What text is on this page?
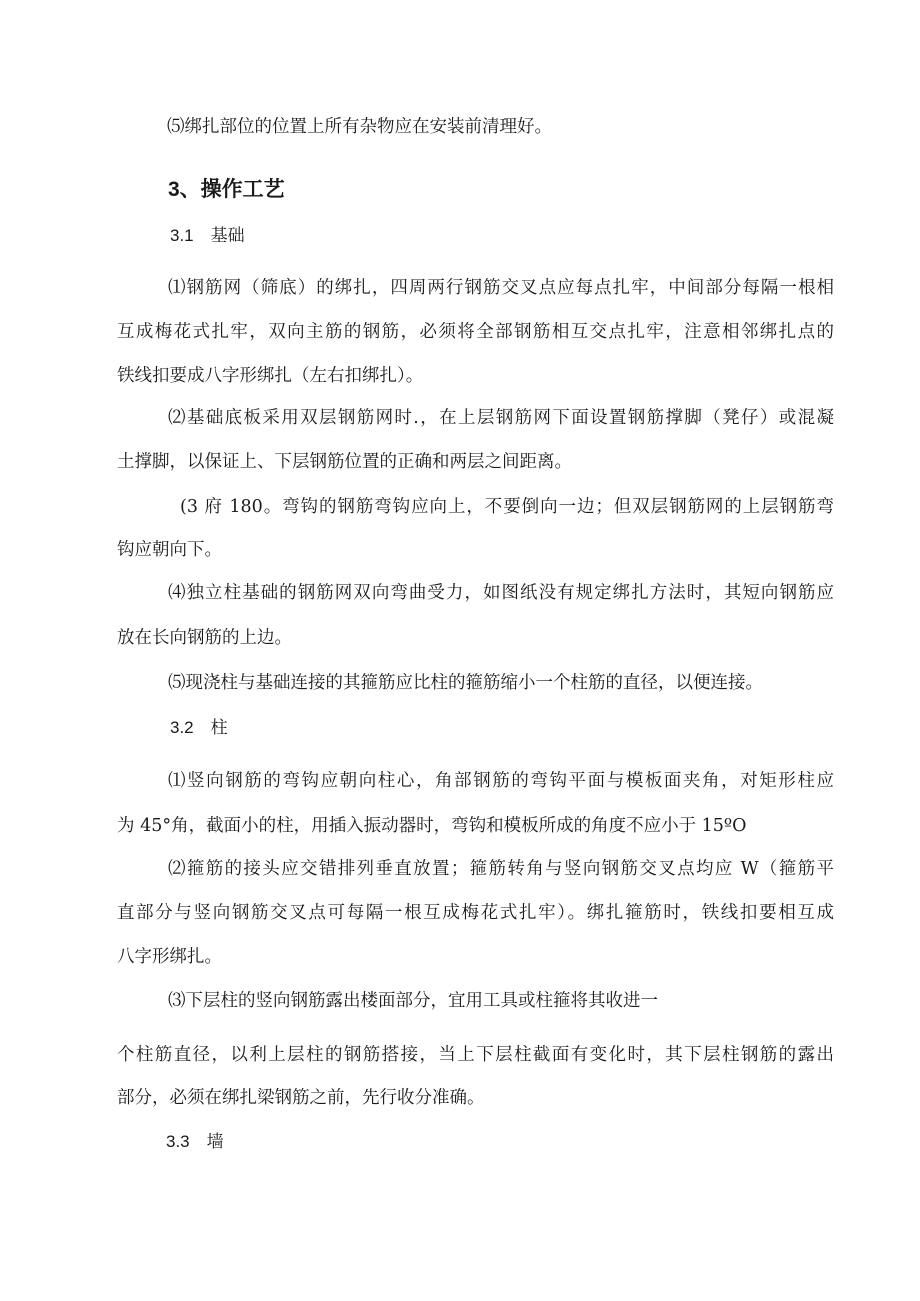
⑸绑扎部位的位置上所有杂物应在安装前清理好。
3、操作工艺
3.1　基础
⑴钢筋网（筛底）的绑扎，四周两行钢筋交叉点应每点扎牢，中间部分每隔一根相
互成梅花式扎牢，双向主筋的钢筋，必须将全部钢筋相互交点扎牢，注意相邻绑扎点的
铁线扣要成八字形绑扎（左右扣绑扎）。
⑵基础底板采用双层钢筋网时.，在上层钢筋网下面设置钢筋撑脚（凳仔）或混凝
土撑脚，以保证上、下层钢筋位置的正确和两层之间距离。
(3 府 180。弯钩的钢筋弯钩应向上，不要倒向一边；但双层钢筋网的上层钢筋弯
钩应朝向下。
⑷独立柱基础的钢筋网双向弯曲受力，如图纸没有规定绑扎方法时，其短向钢筋应
放在长向钢筋的上边。
⑸现浇柱与基础连接的其箍筋应比柱的箍筋缩小一个柱筋的直径，以便连接。
3.2　柱
⑴竖向钢筋的弯钩应朝向柱心，角部钢筋的弯钩平面与模板面夹角，对矩形柱应
为 45°角，截面小的柱，用插入振动器时，弯钩和模板所成的角度不应小于 15ºO
⑵箍筋的接头应交错排列垂直放置；箍筋转角与竖向钢筋交叉点均应 W（箍筋平
直部分与竖向钢筋交叉点可每隔一根互成梅花式扎牢）。绑扎箍筋时，铁线扣要相互成
八字形绑扎。
⑶下层柱的竖向钢筋露出楼面部分，宜用工具或柱箍将其收进一
个柱筋直径，以利上层柱的钢筋搭接，当上下层柱截面有变化时，其下层柱钢筋的露出
部分，必须在绑扎梁钢筋之前，先行收分准确。
3.3　墙
